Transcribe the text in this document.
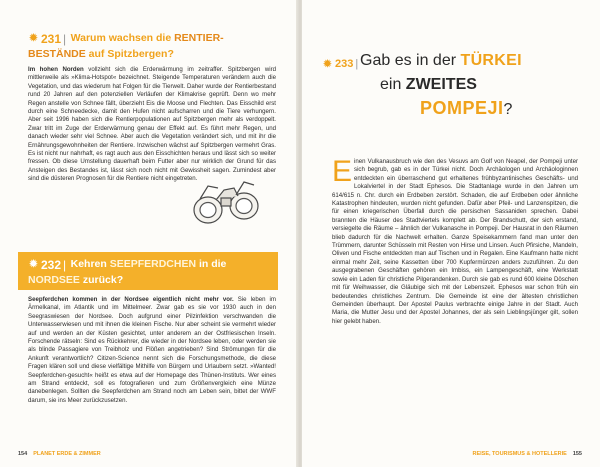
✹ 231 | Warum wachsen die RENTIER-BESTÄNDE auf Spitzbergen?
Im hohen Norden vollzieht sich die Erderwärmung im zeitraffer. Spitzbergen wird mittlerweile als »Klima-Hotspot« bezeichnet. Steigende Temperaturen verändern auch die Vegetation, und das wiederum hat Folgen für die Tierwelt. Daher wurde der Rentierbestand rund 20 Jahren auf den potenziellen Verläufen der Klimakrise geprüft. Denn wo mehr Regen anstelle von Schnee fällt, überzieht Eis die Moose und Flechten. Das Eisschild erst durch eine Schneedecke, damit den Hufen nicht aufscharren und die Tiere verhungern. Aber seit 1996 haben sich die Rentierpopulationen auf Spitzbergen mehr als verdoppelt. Zwar tritt im Zuge der Erderwärmung genau der Effekt auf. Es führt mehr Regen, und danach wieder sehr viel Schnee. Aber auch die Vegetation verändert sich, und mit ihr die Ernährungsgewohnheiten der Rentiere. Inzwischen wächst auf Spitzbergen vermehrt Gras. Es ist nicht nur nahrhaft, es ragt auch aus den Eisschichten heraus und lässt sich so weiter fressen. Ob diese Umstellung dauerhaft beim Futter aber nur wirklich der Grund für das Ansteigen des Bestandes ist, lässt sich noch nicht mit Gewissheit sagen. Zumindest aber sind die düsteren Prognosen für die Rentiere nicht eingetreten.
✹ 232 | Kehren SEEPFERDCHEN in die NORDSEE zurück?
Seepferdchen kommen in der Nordsee eigentlich nicht mehr vor. Sie leben im Ärmelkanal, im Atlantik und im Mittelmeer. Zwar gab es sie vor 1930 auch in den Seegraswiesen der Nordsee. Doch aufgrund einer Pilzinfektion verschwanden die Unterwasserwiesen und mit ihnen die kleinen Fische. Nur aber scheint sie vermehrt wieder auf und werden an der Küsten gesichtet, unter anderem an der Ostfriesischen Inseln. Forschende rätseln: Sind es Rückkehrer, die wieder in der Nordsee leben, oder werden sie als blinde Passagiere von Treibholz und Flößen angetrieben? Sind Strömungen für die Ankunft verantwortlich? Citizen-Science nennt sich die Forschungsmethode, die diese Fragen klären soll und diese vielfältige Mithilfe von Bürgern und Urlaubern setzt. »Wanted! Seepferdchen-gesucht« heißt es etwa auf der Homepage des Thünen-Instituts. Wer eines am Strand entdeckt, soll es fotografieren und zum Größenvergleich eine Münze danebenlegen. Sollten die Seepferdchen am Strand noch am Leben sein, bittet der WWF darum, sie ins Meer zurückzusetzen.
154 PLANET ERDE & ZIMMER
✹ 233 | Gab es in der TÜRKEI
ein ZWEITES
POMPEJI?
Einen Vulkanausbruch wie den des Vesuvs am Golf von Neapel, der Pompeji unter sich begrub, gab es in der Türkei nicht. Doch Archäologen und Archäologinnen entdeckten ein überraschend gut erhaltenes frühbyzantinisches Geschäfts- und Lokalviertel in der Stadt Ephesos. Die Stadtanlage wurde in den Jahren um 614/615 n. Chr. durch ein Erdbeben zerstört. Schaden, die auf Erdbeben oder ähnliche Katastrophen hindeuten, wurden nicht gefunden. Dafür aber Pfeil- und Lanzenspitzen, die für einen kriegerischen Überfall durch die persischen Sassaniden sprechen. Dabei brannten die Häuser des Stadtviertels komplett ab. Der Brandschutt, der sich erstand, versiegelte die Räume – ähnlich der Vulkanasche in Pompeji. Der Hausrat in den Räumen blieb dadurch für die Nachwelt erhalten. Ganze Speisekammern fand man unter den Trümmern, darunter Schüsseln mit Resten von Hirse und Linsen. Auch Pfirsiche, Mandeln, Oliven und Fische entdeckten man auf Tischen und in Regalen. Eine Kaufmann hatte nicht einmal mehr Zeit, seine Kassetten über 700 Kupfermünzen anders zuzuführen. Zu den ausgegrabenen Geschäften gehören ein Imbiss, ein Lampengeschäft, eine Werkstatt sowie ein Laden für christliche Pilgerandenken. Durch sie gab es rund 600 kleine Döschen mit für Weihwasser, die Gläubige sich mit der Lebenszeit. Ephesos war schon früh ein bedeutendes christliches Zentrum. Die Gemeinde ist eine der ältesten christlichen Gemeinden überhaupt. Der Apostel Paulus verbrachte einige Jahre in der Stadt. Auch Maria, die Mutter Jesu und der Apostel Johannes, der als sein Lieblingsjünger gilt, sollen hier gelebt haben.
REISE, TOURISMUS & HOTELLERIE 155
